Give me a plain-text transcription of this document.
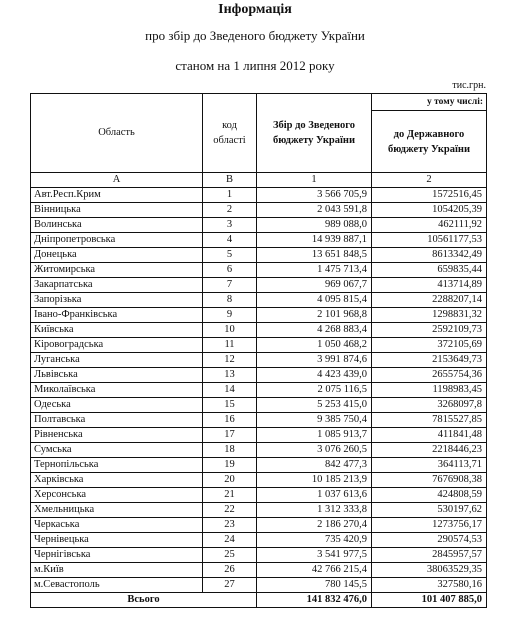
Інформація
про збір до Зведеного бюджету України
станом на 1 липня 2012 року
тис.грн.
Область	код області	Збір до Зведеного бюджету України	у тому числі:
			до Державного бюджету України
А	В	1	2
Авт.Респ.Крим	1	3 566 705,9	1572516,45
Вінницька	2	2 043 591,8	1054205,39
Волинська	3	989 088,0	462111,92
Дніпропетровська	4	14 939 887,1	10561177,53
Донецька	5	13 651 848,5	8613342,49
Житомирська	6	1 475 713,4	659835,44
Закарпатська	7	969 067,7	413714,89
Запорізька	8	4 095 815,4	2288207,14
Івано-Франківська	9	2 101 968,8	1298831,32
Київська	10	4 268 883,4	2592109,73
Кіровоградська	11	1 050 468,2	372105,69
Луганська	12	3 991 874,6	2153649,73
Львівська	13	4 423 439,0	2655754,36
Миколаївська	14	2 075 116,5	1198983,45
Одеська	15	5 253 415,0	3268097,8
Полтавська	16	9 385 750,4	7815527,85
Рівненська	17	1 085 913,7	411841,48
Сумська	18	3 076 260,5	2218446,23
Тернопільська	19	842 477,3	364113,71
Харківська	20	10 185 213,9	7676908,38
Херсонська	21	1 037 613,6	424808,59
Хмельницька	22	1 312 333,8	530197,62
Черкаська	23	2 186 270,4	1273756,17
Чернівецька	24	735 420,9	290574,53
Чернігівська	25	3 541 977,5	2845957,57
м.Київ	26	42 766 215,4	38063529,35
м.Севастополь	27	780 145,5	327580,16
Всього		141 832 476,0	101 407 885,0
